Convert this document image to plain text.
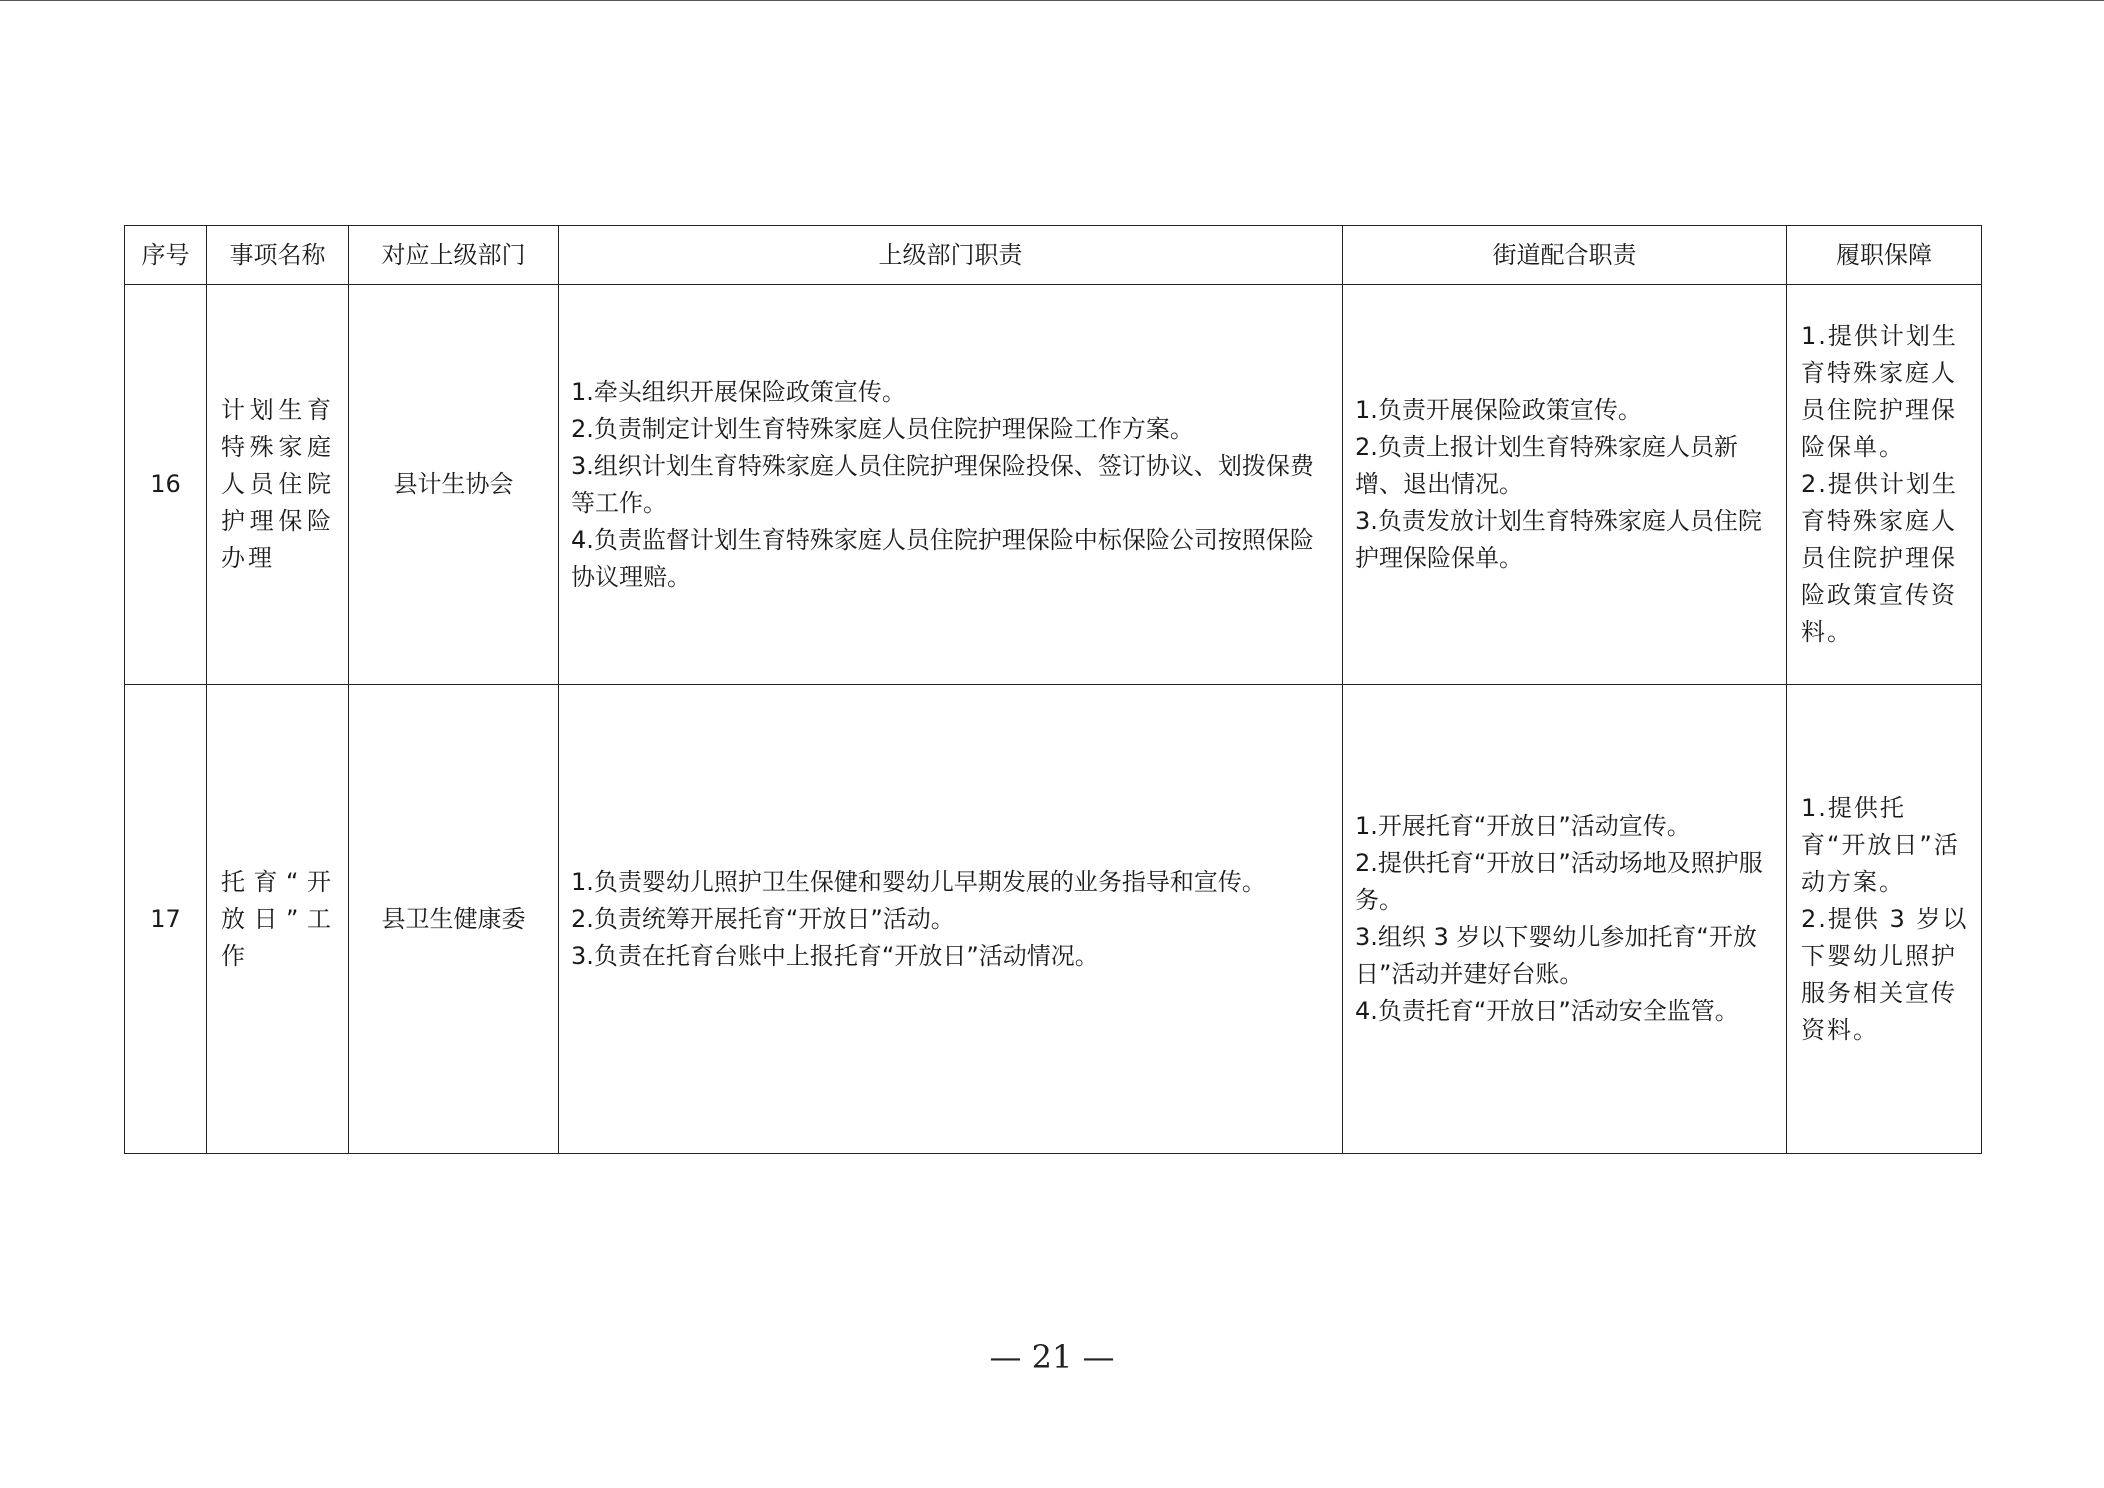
序号	事项名称	对应上级部门	上级部门职责	街道配合职责	履职保障
16	计划生育特殊家庭人员住院护理保险办理	县计生协会	1.牵头组织开展保险政策宣传。
2.负责制定计划生育特殊家庭人员住院护理保险工作方案。
3.组织计划生育特殊家庭人员住院护理保险投保、签订协议、划拨保费等工作。
4.负责监督计划生育特殊家庭人员住院护理保险中标保险公司按照保险协议理赔。	1.负责开展保险政策宣传。
2.负责上报计划生育特殊家庭人员新增、退出情况。
3.负责发放计划生育特殊家庭人员住院护理保险保单。	1.提供计划生育特殊家庭人员住院护理保险保单。
2.提供计划生育特殊家庭人员住院护理保险政策宣传资料。

17	托育“开放日”工作	县卫生健康委	1.负责婴幼儿照护卫生保健和婴幼儿早期发展的业务指导和宣传。
2.负责统筹开展托育“开放日”活动。
3.负责在托育台账中上报托育“开放日”活动情况。	1.开展托育“开放日”活动宣传。
2.提供托育“开放日”活动场地及照护服务。
3.组织 3 岁以下婴幼儿参加托育“开放日”活动并建好台账。
4.负责托育“开放日”活动安全监管。	1.提供托育“开放日”活动方案。
2.提供 3 岁以下婴幼儿照护服务相关宣传资料。
— 21 —
